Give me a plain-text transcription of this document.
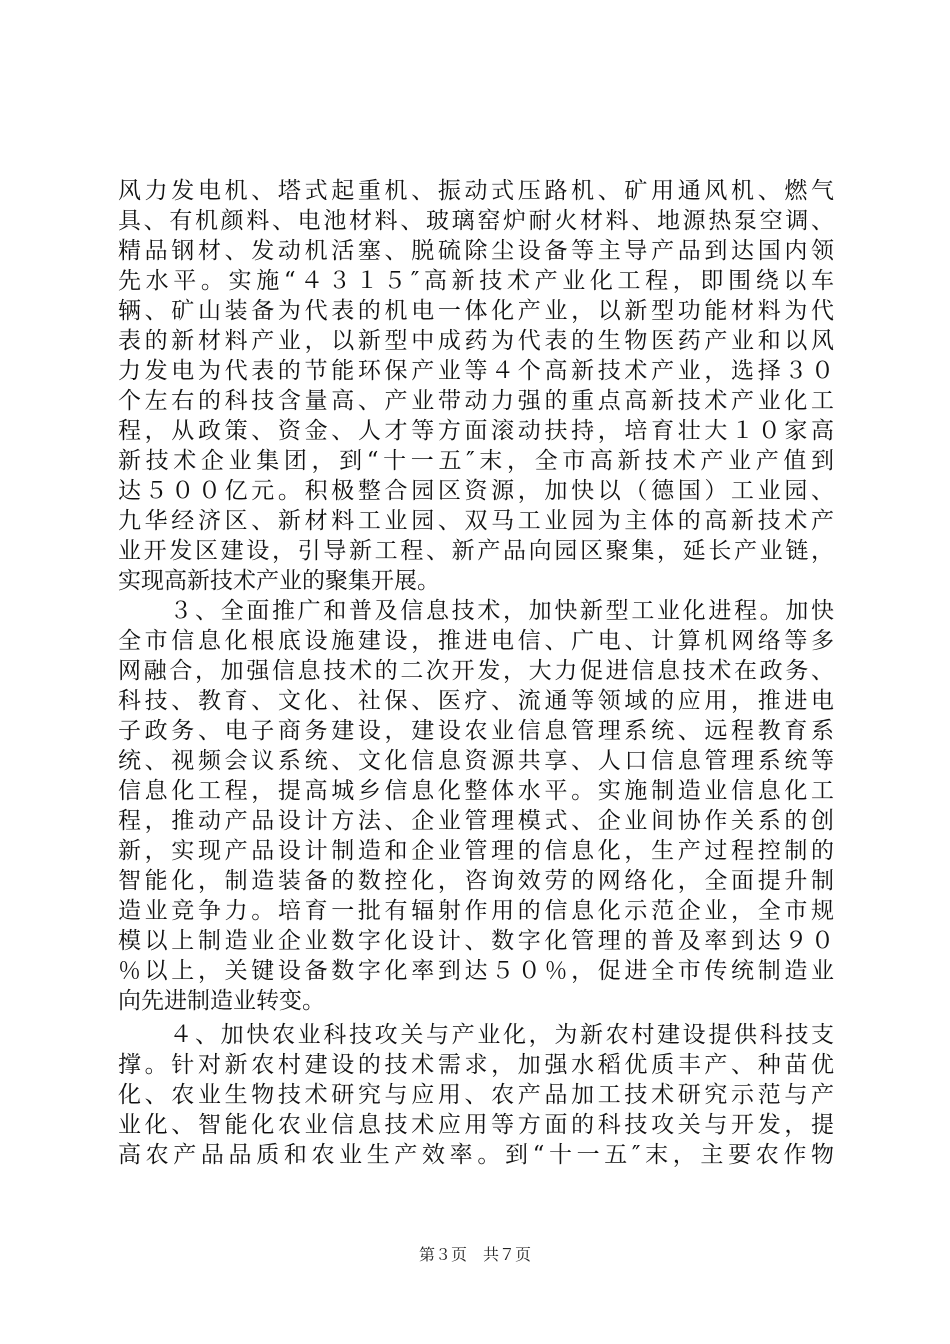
风力发电机、塔式起重机、振动式压路机、矿用通风机、燃气
具、有机颜料、电池材料、玻璃窑炉耐火材料、地源热泵空调、
精品钢材、发动机活塞、脱硫除尘设备等主导产品到达国内领
先水平。实施“４３１５″高新技术产业化工程，即围绕以车
辆、矿山装备为代表的机电一体化产业，以新型功能材料为代
表的新材料产业，以新型中成药为代表的生物医药产业和以风
力发电为代表的节能环保产业等４个高新技术产业，选择３０
个左右的科技含量高、产业带动力强的重点高新技术产业化工
程，从政策、资金、人才等方面滚动扶持，培育壮大１０家高
新技术企业集团，到“十一五″末，全市高新技术产业产值到
达５００亿元。积极整合园区资源，加快以（德国）工业园、
九华经济区、新材料工业园、双马工业园为主体的高新技术产
业开发区建设，引导新工程、新产品向园区聚集，延长产业链，
实现高新技术产业的聚集开展。
　　３、全面推广和普及信息技术，加快新型工业化进程。加快
全市信息化根底设施建设，推进电信、广电、计算机网络等多
网融合，加强信息技术的二次开发，大力促进信息技术在政务、
科技、教育、文化、社保、医疗、流通等领域的应用，推进电
子政务、电子商务建设，建设农业信息管理系统、远程教育系
统、视频会议系统、文化信息资源共享、人口信息管理系统等
信息化工程，提高城乡信息化整体水平。实施制造业信息化工
程，推动产品设计方法、企业管理模式、企业间协作关系的创
新，实现产品设计制造和企业管理的信息化，生产过程控制的
智能化，制造装备的数控化，咨询效劳的网络化，全面提升制
造业竞争力。培育一批有辐射作用的信息化示范企业，全市规
模以上制造业企业数字化设计、数字化管理的普及率到达９０
％以上，关键设备数字化率到达５０％，促进全市传统制造业
向先进制造业转变。
　　４、加快农业科技攻关与产业化，为新农村建设提供科技支
撑。针对新农村建设的技术需求，加强水稻优质丰产、种苗优
化、农业生物技术研究与应用、农产品加工技术研究示范与产
业化、智能化农业信息技术应用等方面的科技攻关与开发，提
高农产品品质和农业生产效率。到“十一五″末，主要农作物
第３页　共７页
